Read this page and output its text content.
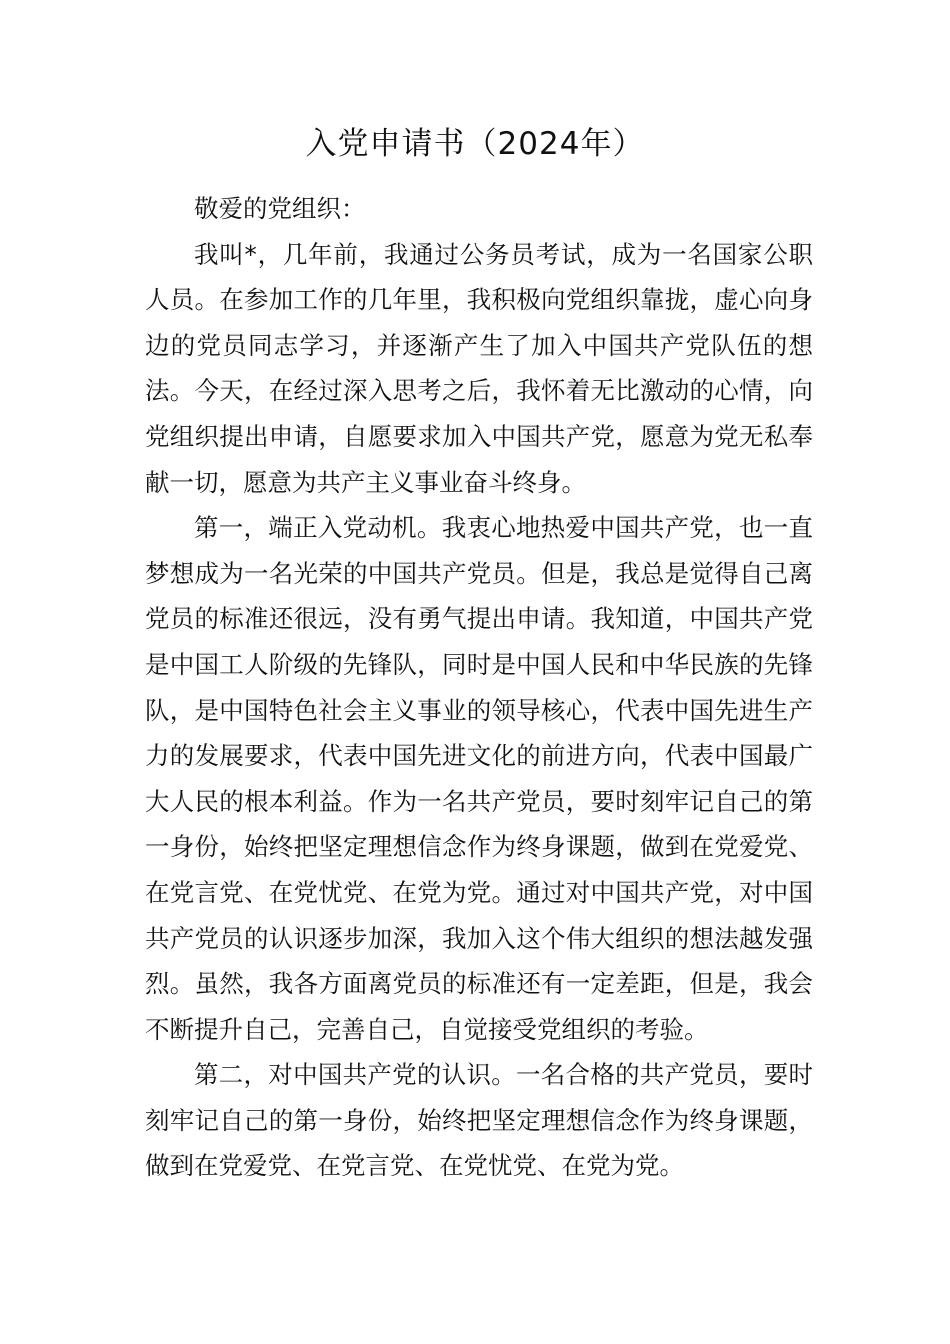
入党申请书（2024年）

敬爱的党组织：

我叫*，几年前，我通过公务员考试，成为一名国家公职人员。在参加工作的几年里，我积极向党组织靠拢，虚心向身边的党员同志学习，并逐渐产生了加入中国共产党队伍的想法。今天，在经过深入思考之后，我怀着无比激动的心情，向党组织提出申请，自愿要求加入中国共产党，愿意为党无私奉献一切，愿意为共产主义事业奋斗终身。

第一，端正入党动机。我衷心地热爱中国共产党，也一直梦想成为一名光荣的中国共产党员。但是，我总是觉得自己离党员的标准还很远，没有勇气提出申请。我知道，中国共产党是中国工人阶级的先锋队，同时是中国人民和中华民族的先锋队，是中国特色社会主义事业的领导核心，代表中国先进生产力的发展要求，代表中国先进文化的前进方向，代表中国最广大人民的根本利益。作为一名共产党员，要时刻牢记自己的第一身份，始终把坚定理想信念作为终身课题，做到在党爱党、在党言党、在党忧党、在党为党。通过对中国共产党，对中国共产党员的认识逐步加深，我加入这个伟大组织的想法越发强烈。虽然，我各方面离党员的标准还有一定差距，但是，我会不断提升自己，完善自己，自觉接受党组织的考验。

第二，对中国共产党的认识。一名合格的共产党员，要时刻牢记自己的第一身份，始终把坚定理想信念作为终身课题，做到在党爱党、在党言党、在党忧党、在党为党。
